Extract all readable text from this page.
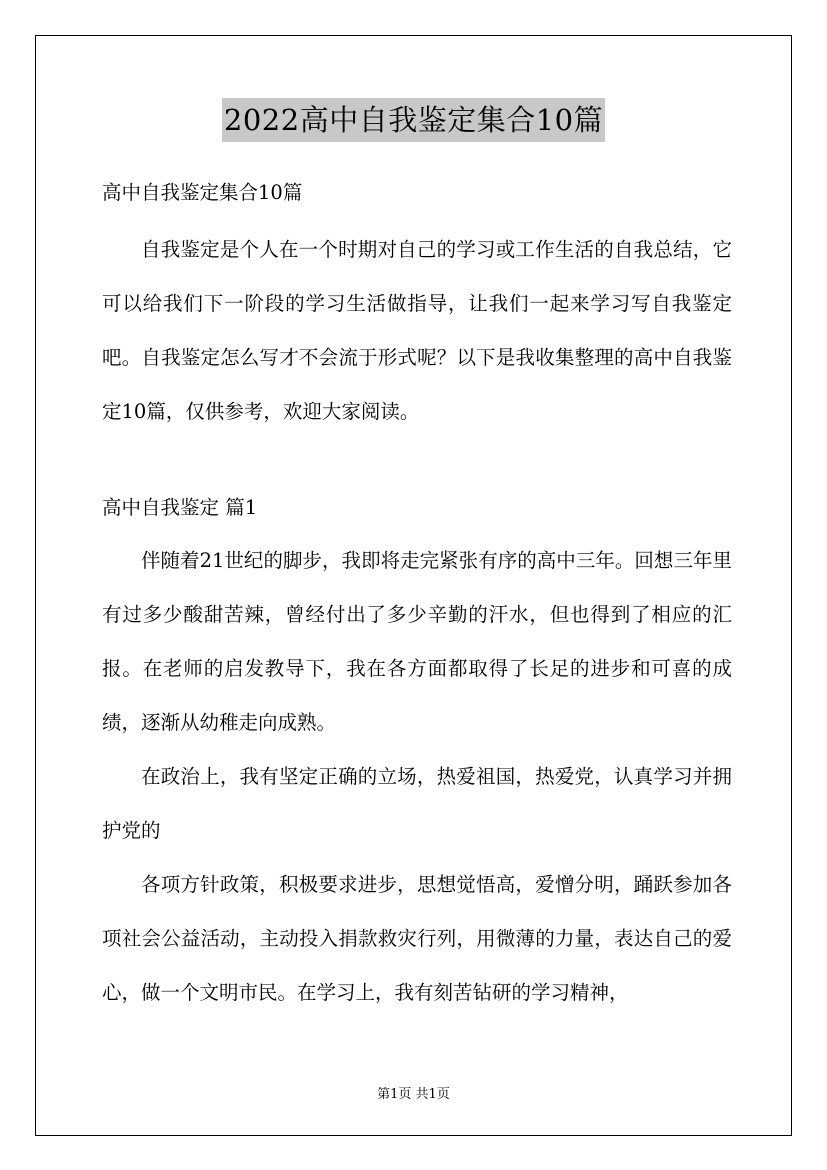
2022高中自我鉴定集合10篇

高中自我鉴定集合10篇

自我鉴定是个人在一个时期对自己的学习或工作生活的自我总结，它可以给我们下一阶段的学习生活做指导，让我们一起来学习写自我鉴定吧。自我鉴定怎么写才不会流于形式呢？以下是我收集整理的高中自我鉴定10篇，仅供参考，欢迎大家阅读。

高中自我鉴定 篇1

伴随着21世纪的脚步，我即将走完紧张有序的高中三年。回想三年里有过多少酸甜苦辣，曾经付出了多少辛勤的汗水，但也得到了相应的汇报。在老师的启发教导下，我在各方面都取得了长足的进步和可喜的成绩，逐渐从幼稚走向成熟。

在政治上，我有坚定正确的立场，热爱祖国，热爱党，认真学习并拥护党的

各项方针政策，积极要求进步，思想觉悟高，爱憎分明，踊跃参加各项社会公益活动，主动投入捐款救灾行列，用微薄的力量，表达自己的爱心，做一个文明市民。在学习上，我有刻苦钻研的学习精神，

第1页 共1页
